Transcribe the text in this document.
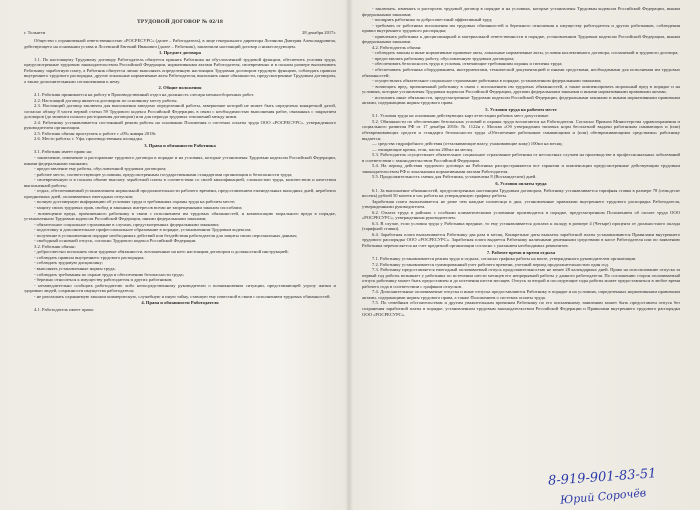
ТРУДОВОЙ ДОГОВОР № 02/18

г. Тольятти	28 декабря 2017г.

Общество с ограниченной ответственностью «РОСРЕСУРС» (далее – Работодатель), в лице генерального директора Логинова Дмитрия Александровича, действующего на основании устава и Лосевский Евгений Иванович (далее – Работник), заключили настоящий договор о нижеследующем.

1. Предмет договора

1.1. По настоящему Трудовому договору Работодатель обязуется принять Работника на обусловленной трудовой функции, обеспечить условия труда, предусмотренные трудовым законодательством Российской Федерации, нормативными актами Работодателя, своевременно и в полном размере выплачивать Работнику заработную плату, а Работник обязуется лично выполнять определенную настоящим Трудовым договором трудовую функцию, соблюдать правила внутреннего трудового распорядка, другие локальные нормативные акты Работодателя, выполнять иные обязанности, предусмотренные Трудовым договором, а также дополнительными соглашениями к нему.

2. Общие положения

2.1. Работник принимается на работу в Производственный отдел на должность слесаря механосборочных работ.

2.2. Настоящий договор является договором по основному месту работы.

2.3. Настоящий договор заключен для выполнения заведомо определенной работы, завершение которой не может быть определено конкретной датой, согласно абзацу 8 части первой статьи 59 Трудового кодекса Российской Федерации, в связи с необходимостью выполнения работ, связанных с закрытием договоров (до момента полного расторжения договоров) или для периода трудовых отношений между ними.

2.4. Работнику устанавливается постоянный режим работы на основании Положения о системах оплаты труда ООО «РОСРЕСУРС», утвержденного руководителем организации.

2.5. Работник обязан приступить к работе с «09» января 2018г.

2.6. Место работы: г. Уфа, производственная площадка.

3. Права и обязанности Работника

3.1. Работник имеет право на:

- заключение, изменение и расторжение трудового договора в порядке и на условиях, которые установлены Трудовым кодексом Российской Федерации, иными федеральными законами;

- предоставление ему работы, обусловленной трудовым договором;

- рабочее место, соответствующее условиям, предусмотренным государственными стандартами организации и безопасности труда;

- своевременную и в полном объеме выплату заработной платы в соответствии со своей квалификацией, сложностью труда, количеством и качеством выполненной работы;

- отдых, обеспечиваемый установлением нормальной продолжительности рабочего времени, предоставлением еженедельных выходных дней, нерабочих праздничных дней, оплачиваемых ежегодных отпусков;

- полную достоверную информацию об условиях труда и требованиях охраны труда на рабочем месте;

- защиту своих трудовых прав, свобод и законных интересов всеми не запрещенными законом способами;

- возмещение вреда, причиненного работнику в связи с исполнением им трудовых обязанностей, и компенсацию морального вреда в порядке, установленном Трудовым кодексом Российской Федерации, иными федеральными законами;

- обязательное социальное страхование в случаях, предусмотренных федеральными законами;

- подготовку и дополнительное профессиональное образование в порядке, установленном Трудовым кодексом;

- получение в установленном порядке необходимых действий или бездействия работодателя для защиты своих персональных данных;

- свободный основной отпуск, согласно Трудового кодекса Российской Федерации.

3.2. Работник обязан:

- добросовестно исполнять свои трудовые обязанности, возложенные на него настоящим договором и должностной инструкцией;

- соблюдать правила внутреннего трудового распорядка;

- соблюдать трудовую дисциплину;

- выполнять установленные нормы труда;

- соблюдать требования по охране труда и обеспечению безопасности труда;

- бережно относиться к имуществу работодателя и других работников;

- незамедлительно сообщать работодателю либо непосредственному руководителю о возникновении ситуации, представляющей угрозу жизни и здоровью людей, сохранности имущества работодателя;

- не разглашать охраняемую законом коммерческую, служебную и иную тайну, ставшую ему известной в связи с исполнением трудовых обязанностей.

4. Права и обязанности Работодателя

4.1. Работодатель имеет право:

- заключать, изменять и расторгать трудовой договор в порядке и на условиях, которые установлены Трудовым кодексом Российской Федерации, иными федеральными законами;

- поощрять работника за добросовестный эффективный труд;

- требовать от работника исполнения им трудовых обязанностей и бережного отношения к имуществу работодателя и других работников, соблюдения правил внутреннего трудового распорядка;

- привлекать работника к дисциплинарной и материальной ответственности в порядке, установленном Трудовым кодексом Российской Федерации, иными федеральными законами.

4.2. Работодатель обязан:

- соблюдать законы и иные нормативные правовые акты, локальные нормативные акты, условия коллективного договора, соглашений и трудового договора;

- предоставлять работнику работу, обусловленную трудовым договором;

- обеспечивать безопасность труда и условия, отвечающие требованиям охраны и гигиены труда;

- обеспечивать работника оборудованием, инструментами, технической документацией и иными средствами, необходимыми для исполнения им трудовых обязанностей;

- осуществлять обязательное социальное страхование работника в порядке, установленном федеральными законами;

- возмещать вред, причиненный работнику в связи с исполнением им трудовых обязанностей, а также компенсировать моральный вред в порядке и на условиях, которые установлены Трудовым кодексом Российской Федерации, другими федеральными законами и иными нормативными правовыми актами;

- исполнять иные обязанности, предусмотренные Трудовым кодексом Российской Федерации, федеральными законами и иными нормативными правовыми актами, содержащими нормы трудового права.

5. Условия труда на рабочем месте

5.1. Условия труда на основании действующих карт аттестации рабочих мест допустимые.

5.2. Обязанности по обеспечению безопасных условий и охраны труда возлагаются на Работодателя. Согласно Приказа Министерства здравоохранения и социального развития РФ от 17 декабря 2010г. № 1122н г. Москва «Об утверждении типовых норм бесплатной выдачи работникам смывающих и (или) обезвреживающих средств и стандарта безопасности труда «Обеспечение работников смывающими и (или) обезвреживающими средствами» работнику выдается:

— средства гидрофобного действия (отталкивающие влагу, ухаживающие кожу) 100мл на месяц;

— очищающие кремы, гели, пасты 200мл на месяц.

5.3. Работодатель осуществляет обязательное социальное страхование работника от несчастных случаев на производстве и профессиональных заболеваний в соответствии с законодательством Российской Федерации.

5.4. На период действия трудового договора на Работника распространяются все гарантии и компенсации предусмотренные действующим трудовым законодательством РФ и локальными нормативными актами Работодателя.

5.5. Продолжительность смены для Работника, установлена 8 (Восьмидесяти) дней.

6. Условия оплаты труда

6.1. За выполнение обязанностей, предусмотренных настоящим Трудовым договором, Работнику устанавливается тарифная ставка в размере 78 (семьдесят восемь) рублей 50 копеек в час работы на утвержденную графику работы.

Заработная плата выплачивается не реже чем каждые полмесяца в дни, установленные правилами внутреннего трудового распорядка Работодателя, утвержденными руководителем.

6.2. Оплата труда в районах с особыми климатическими условиями производится в порядке, предусмотренном Положением об оплате труда ООО «РОСРЕСУРС», утвержденным руководителем.

6.3. В случае, если условия труда у Работника вредные, то ему устанавливается доплата к окладу в размере 4 (Четыре) процента от должностного оклада (тарифной ставки).

6.4. Заработная плата выплачивается Работнику два раза в месяц. Конкретные даты выплаты заработной платы устанавливаются Правилами внутреннего трудового распорядка ООО «РОСРЕСУРС». Заработная плата выдается Работнику наличными денежными средствами в кассе Работодателя или по заявлению Работника перечисляется на счет кредитной организации согласно с указанием необходимых реквизитов.

7. Рабочее время и время отдыха

7.1. Работнику устанавливается режим труда и отдыха, согласно графика работы на вахте, утвержденного руководителем организации.

7.2. Работнику устанавливается суммированный учет рабочего времени, учетный период продолжительностью один год.

7.3. Работнику предоставляется ежегодный оплачиваемый отпуск продолжительностью не менее 28 календарных дней. Право на использование отпуска за первый год работы возникает у работника по истечении шести месяцев его непрерывной работы у данного работодателя. По соглашению сторон оплачиваемый отпуск работнику может быть предоставлен и до истечения шести месяцев. Отпуск за второй и последующие годы работы может предоставляться в любое время рабочего года в соответствии с графиком отпусков.

7.4. Дополнительные оплачиваемые отпуска и иные отпуска предоставляются Работнику в порядке и на условиях, определенных нормативными правовыми актами, содержащими нормы трудового права, а также Положением о системах оплаты труда.

7.5. По семейным обстоятельствам и другим уважительным причинам Работнику по его письменному заявлению может быть предоставлен отпуск без сохранения заработной платы в порядке, установленном трудовым законодательством Российской Федерации и Правилами внутреннего трудового распорядка ООО «РОСРЕСУРС».

8-919-901-83-51
Юрий Сорочёв
